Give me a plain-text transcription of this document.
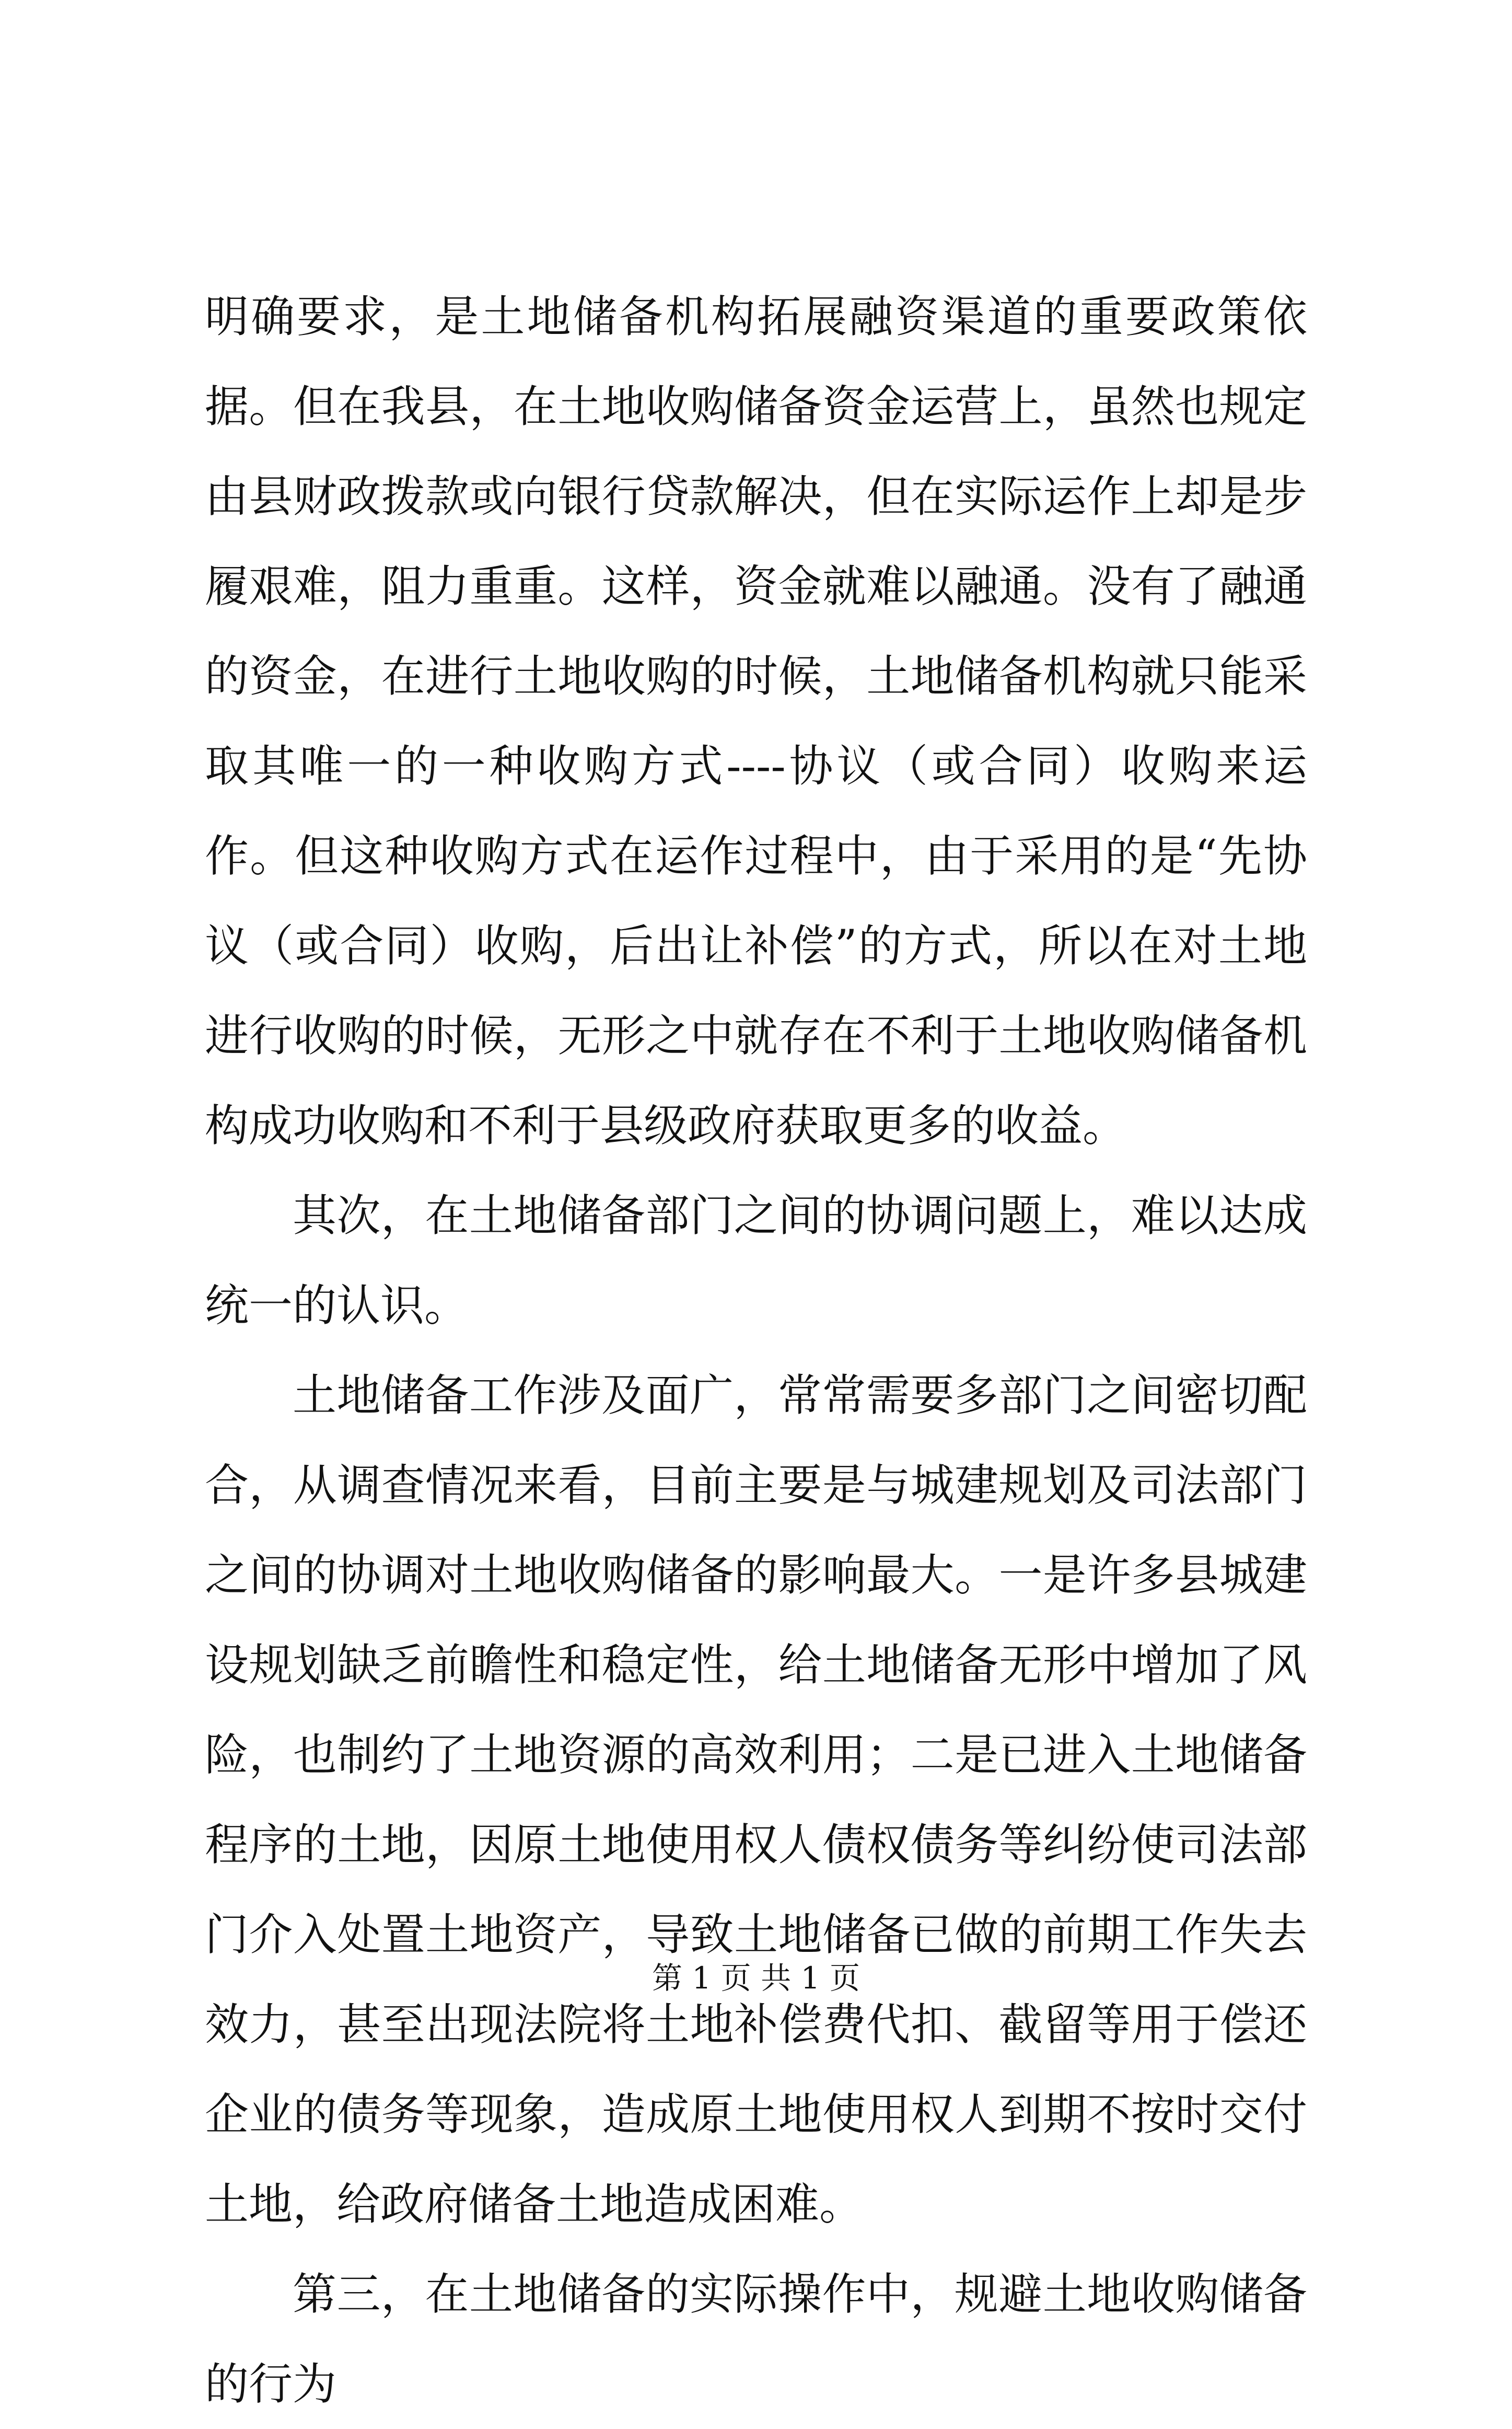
明确要求，是土地储备机构拓展融资渠道的重要政策依据。但在我县，在土地收购储备资金运营上，虽然也规定由县财政拨款或向银行贷款解决，但在实际运作上却是步履艰难，阻力重重。这样，资金就难以融通。没有了融通的资金，在进行土地收购的时候，土地储备机构就只能采取其唯一的一种收购方式----协议（或合同）收购来运作。但这种收购方式在运作过程中，由于采用的是“先协议（或合同）收购，后出让补偿”的方式，所以在对土地进行收购的时候，无形之中就存在不利于土地收购储备机构成功收购和不利于县级政府获取更多的收益。

其次，在土地储备部门之间的协调问题上，难以达成统一的认识。

土地储备工作涉及面广，常常需要多部门之间密切配合，从调查情况来看，目前主要是与城建规划及司法部门之间的协调对土地收购储备的影响最大。一是许多县城建设规划缺乏前瞻性和稳定性，给土地储备无形中增加了风险，也制约了土地资源的高效利用；二是已进入土地储备程序的土地，因原土地使用权人债权债务等纠纷使司法部门介入处置土地资产，导致土地储备已做的前期工作失去效力，甚至出现法院将土地补偿费代扣、截留等用于偿还企业的债务等现象，造成原土地使用权人到期不按时交付土地，给政府储备土地造成困难。

第三，在土地储备的实际操作中，规避土地收购储备的行为

第 1 页 共 1 页
